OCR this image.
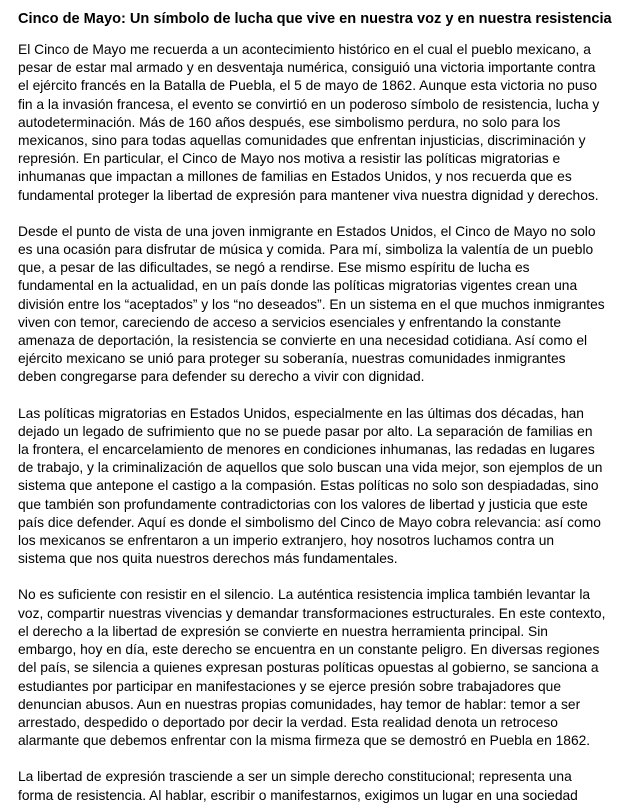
Cinco de Mayo: Un símbolo de lucha que vive en nuestra voz y en nuestra resistencia

El Cinco de Mayo me recuerda a un acontecimiento histórico en el cual el pueblo mexicano, a
pesar de estar mal armado y en desventaja numérica, consiguió una victoria importante contra
el ejército francés en la Batalla de Puebla, el 5 de mayo de 1862. Aunque esta victoria no puso
fin a la invasión francesa, el evento se convirtió en un poderoso símbolo de resistencia, lucha y
autodeterminación. Más de 160 años después, ese simbolismo perdura, no solo para los
mexicanos, sino para todas aquellas comunidades que enfrentan injusticias, discriminación y
represión. En particular, el Cinco de Mayo nos motiva a resistir las políticas migratorias e
inhumanas que impactan a millones de familias en Estados Unidos, y nos recuerda que es
fundamental proteger la libertad de expresión para mantener viva nuestra dignidad y derechos.

Desde el punto de vista de una joven inmigrante en Estados Unidos, el Cinco de Mayo no solo
es una ocasión para disfrutar de música y comida. Para mí, simboliza la valentía de un pueblo
que, a pesar de las dificultades, se negó a rendirse. Ese mismo espíritu de lucha es
fundamental en la actualidad, en un país donde las políticas migratorias vigentes crean una
división entre los “aceptados” y los “no deseados”. En un sistema en el que muchos inmigrantes
viven con temor, careciendo de acceso a servicios esenciales y enfrentando la constante
amenaza de deportación, la resistencia se convierte en una necesidad cotidiana. Así como el
ejército mexicano se unió para proteger su soberanía, nuestras comunidades inmigrantes
deben congregarse para defender su derecho a vivir con dignidad.

Las políticas migratorias en Estados Unidos, especialmente en las últimas dos décadas, han
dejado un legado de sufrimiento que no se puede pasar por alto. La separación de familias en
la frontera, el encarcelamiento de menores en condiciones inhumanas, las redadas en lugares
de trabajo, y la criminalización de aquellos que solo buscan una vida mejor, son ejemplos de un
sistema que antepone el castigo a la compasión. Estas políticas no solo son despiadadas, sino
que también son profundamente contradictorias con los valores de libertad y justicia que este
país dice defender. Aquí es donde el simbolismo del Cinco de Mayo cobra relevancia: así como
los mexicanos se enfrentaron a un imperio extranjero, hoy nosotros luchamos contra un
sistema que nos quita nuestros derechos más fundamentales.

No es suficiente con resistir en el silencio. La auténtica resistencia implica también levantar la
voz, compartir nuestras vivencias y demandar transformaciones estructurales. En este contexto,
el derecho a la libertad de expresión se convierte en nuestra herramienta principal. Sin
embargo, hoy en día, este derecho se encuentra en un constante peligro. En diversas regiones
del país, se silencia a quienes expresan posturas políticas opuestas al gobierno, se sanciona a
estudiantes por participar en manifestaciones y se ejerce presión sobre trabajadores que
denuncian abusos. Aun en nuestras propias comunidades, hay temor de hablar: temor a ser
arrestado, despedido o deportado por decir la verdad. Esta realidad denota un retroceso
alarmante que debemos enfrentar con la misma firmeza que se demostró en Puebla en 1862.

La libertad de expresión trasciende a ser un simple derecho constitucional; representa una
forma de resistencia. Al hablar, escribir o manifestarnos, exigimos un lugar en una sociedad
